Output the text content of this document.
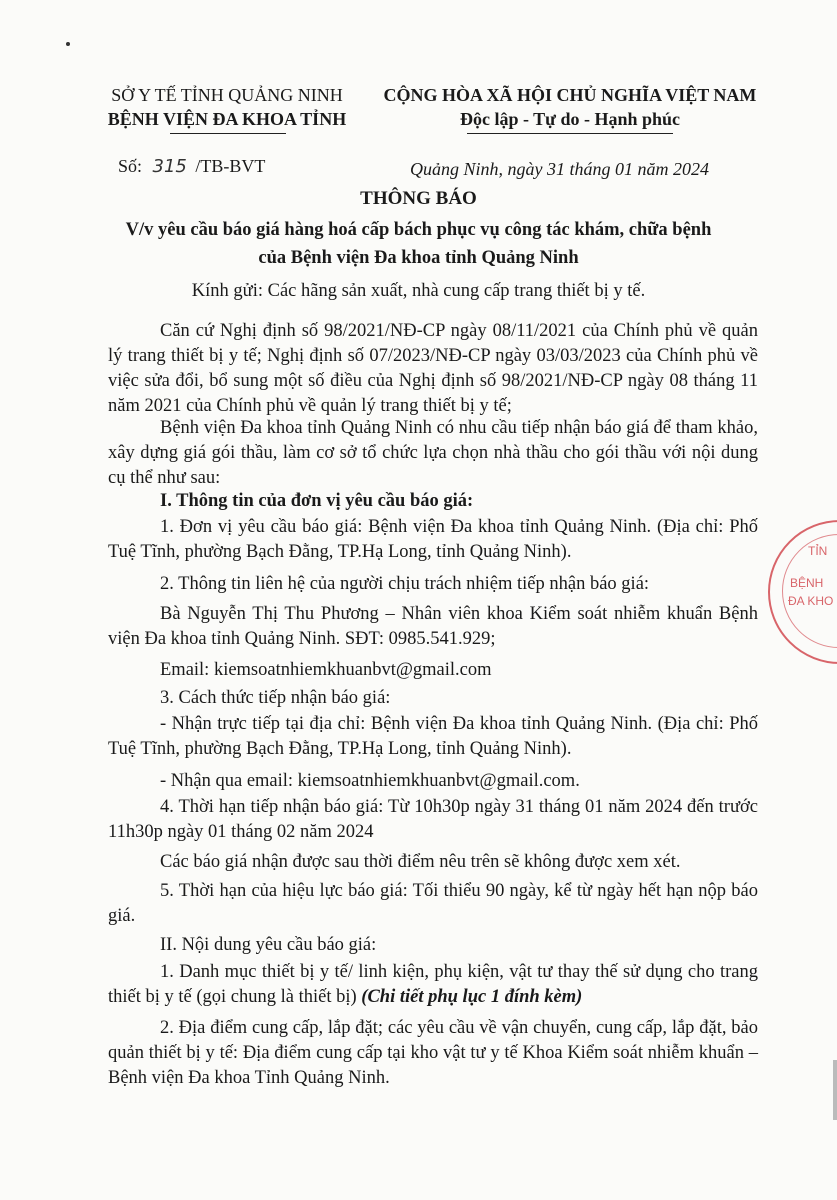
SỞ Y TẾ TỈNH QUẢNG NINH
BỆNH VIỆN ĐA KHOA TỈNH
CỘNG HÒA XÃ HỘI CHỦ NGHĨA VIỆT NAM
Độc lập - Tự do - Hạnh phúc
Số: 315 /TB-BVT	Quảng Ninh, ngày 31 tháng 01 năm 2024
THÔNG BÁO
V/v yêu cầu báo giá hàng hoá cấp bách phục vụ công tác khám, chữa bệnh
của Bệnh viện Đa khoa tỉnh Quảng Ninh
Kính gửi: Các hãng sản xuất, nhà cung cấp trang thiết bị y tế.
Căn cứ Nghị định số 98/2021/NĐ-CP ngày 08/11/2021 của Chính phủ về quản lý trang thiết bị y tế; Nghị định số 07/2023/NĐ-CP ngày 03/03/2023 của Chính phủ về việc sửa đổi, bổ sung một số điều của Nghị định số 98/2021/NĐ-CP ngày 08 tháng 11 năm 2021 của Chính phủ về quản lý trang thiết bị y tế;
Bệnh viện Đa khoa tỉnh Quảng Ninh có nhu cầu tiếp nhận báo giá để tham khảo, xây dựng giá gói thầu, làm cơ sở tổ chức lựa chọn nhà thầu cho gói thầu với nội dung cụ thể như sau:
I. Thông tin của đơn vị yêu cầu báo giá:
1. Đơn vị yêu cầu báo giá: Bệnh viện Đa khoa tỉnh Quảng Ninh. (Địa chỉ: Phố Tuệ Tĩnh, phường Bạch Đằng, TP.Hạ Long, tỉnh Quảng Ninh).
2. Thông tin liên hệ của người chịu trách nhiệm tiếp nhận báo giá:
Bà Nguyễn Thị Thu Phương – Nhân viên khoa Kiểm soát nhiễm khuẩn Bệnh viện Đa khoa tỉnh Quảng Ninh. SĐT: 0985.541.929;
Email: kiemsoatnhiemkhuanbvt@gmail.com
3. Cách thức tiếp nhận báo giá:
- Nhận trực tiếp tại địa chỉ: Bệnh viện Đa khoa tỉnh Quảng Ninh. (Địa chỉ: Phố Tuệ Tĩnh, phường Bạch Đằng, TP.Hạ Long, tỉnh Quảng Ninh).
- Nhận qua email: kiemsoatnhiemkhuanbvt@gmail.com.
4. Thời hạn tiếp nhận báo giá: Từ 10h30p ngày 31 tháng 01 năm 2024 đến trước 11h30p ngày 01 tháng 02 năm 2024
Các báo giá nhận được sau thời điểm nêu trên sẽ không được xem xét.
5. Thời hạn của hiệu lực báo giá: Tối thiểu 90 ngày, kể từ ngày hết hạn nộp báo giá.
II. Nội dung yêu cầu báo giá:
1. Danh mục thiết bị y tế/ linh kiện, phụ kiện, vật tư thay thế sử dụng cho trang thiết bị y tế (gọi chung là thiết bị) (Chi tiết phụ lục 1 đính kèm)
2. Địa điểm cung cấp, lắp đặt; các yêu cầu về vận chuyển, cung cấp, lắp đặt, bảo quản thiết bị y tế: Địa điểm cung cấp tại kho vật tư y tế Khoa Kiểm soát nhiễm khuẩn – Bệnh viện Đa khoa Tỉnh Quảng Ninh.
TỈN
BỆNH
ĐA KHO
